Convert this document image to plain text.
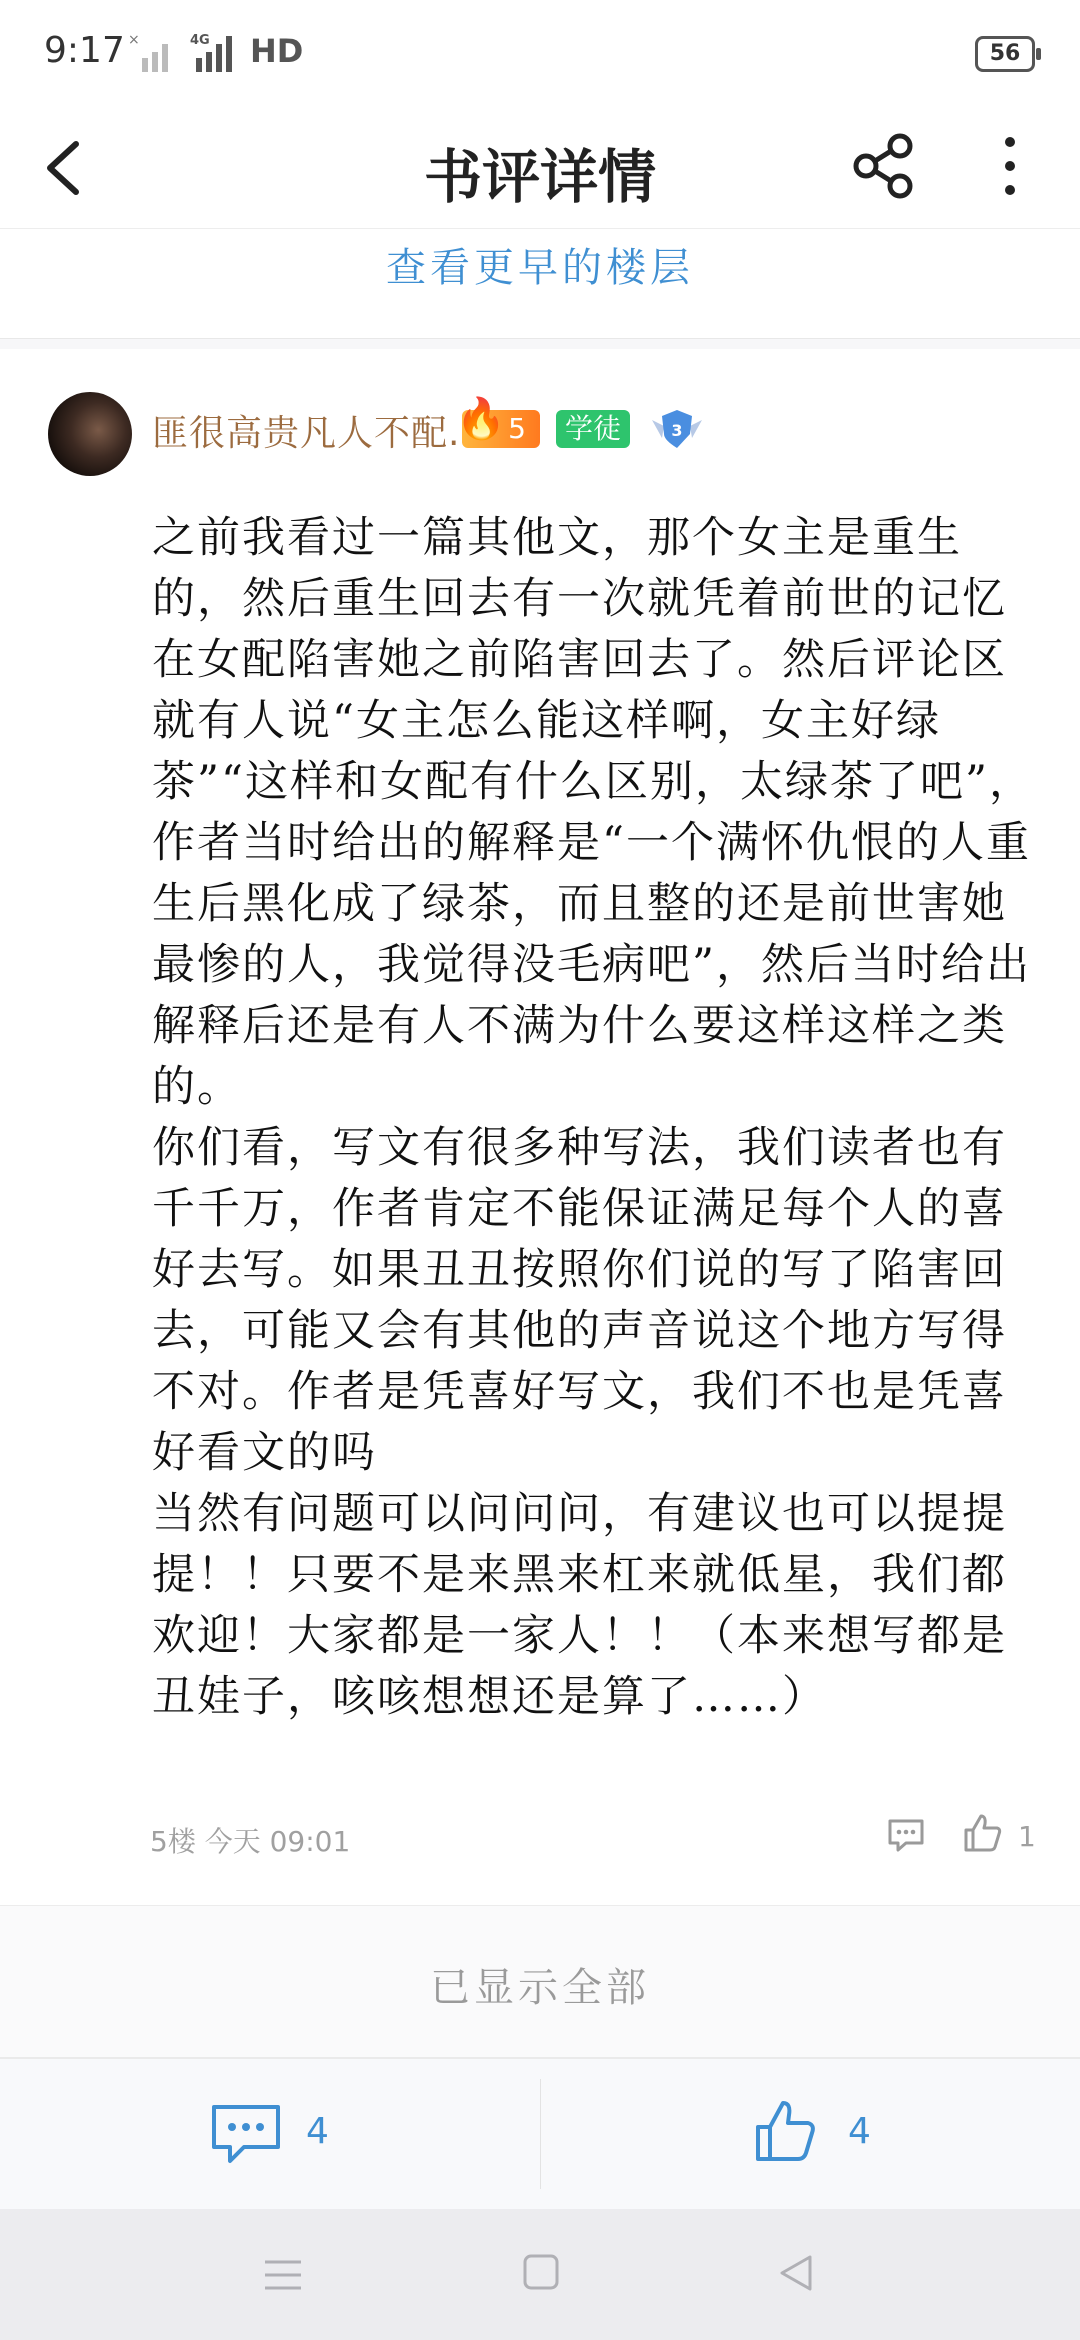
9:17 ×	4G HD	56
书评详情
查看更早的楼层
匪很高贵凡人不配.
🔥 5	学徒	3

之前我看过一篇其他文，那个女主是重生的，然后重生回去有一次就凭着前世的记忆在女配陷害她之前陷害回去了。然后评论区就有人说“女主怎么能这样啊，女主好绿茶”“这样和女配有什么区别，太绿茶了吧”，作者当时给出的解释是“一个满怀仇恨的人重生后黑化成了绿茶，而且整的还是前世害她最惨的人，我觉得没毛病吧”，然后当时给出解释后还是有人不满为什么要这样这样之类的。

你们看，写文有很多种写法，我们读者也有千千万，作者肯定不能保证满足每个人的喜好去写。如果丑丑按照你们说的写了陷害回去，可能又会有其他的声音说这个地方写得不对。作者是凭喜好写文，我们不也是凭喜好看文的吗

当然有问题可以问问问，有建议也可以提提提！！只要不是来黑来杠来就低星，我们都欢迎！大家都是一家人！！（本来想写都是丑娃子，咳咳想想还是算了……）

5楼 今天 09:01	1
已显示全部
4	4
